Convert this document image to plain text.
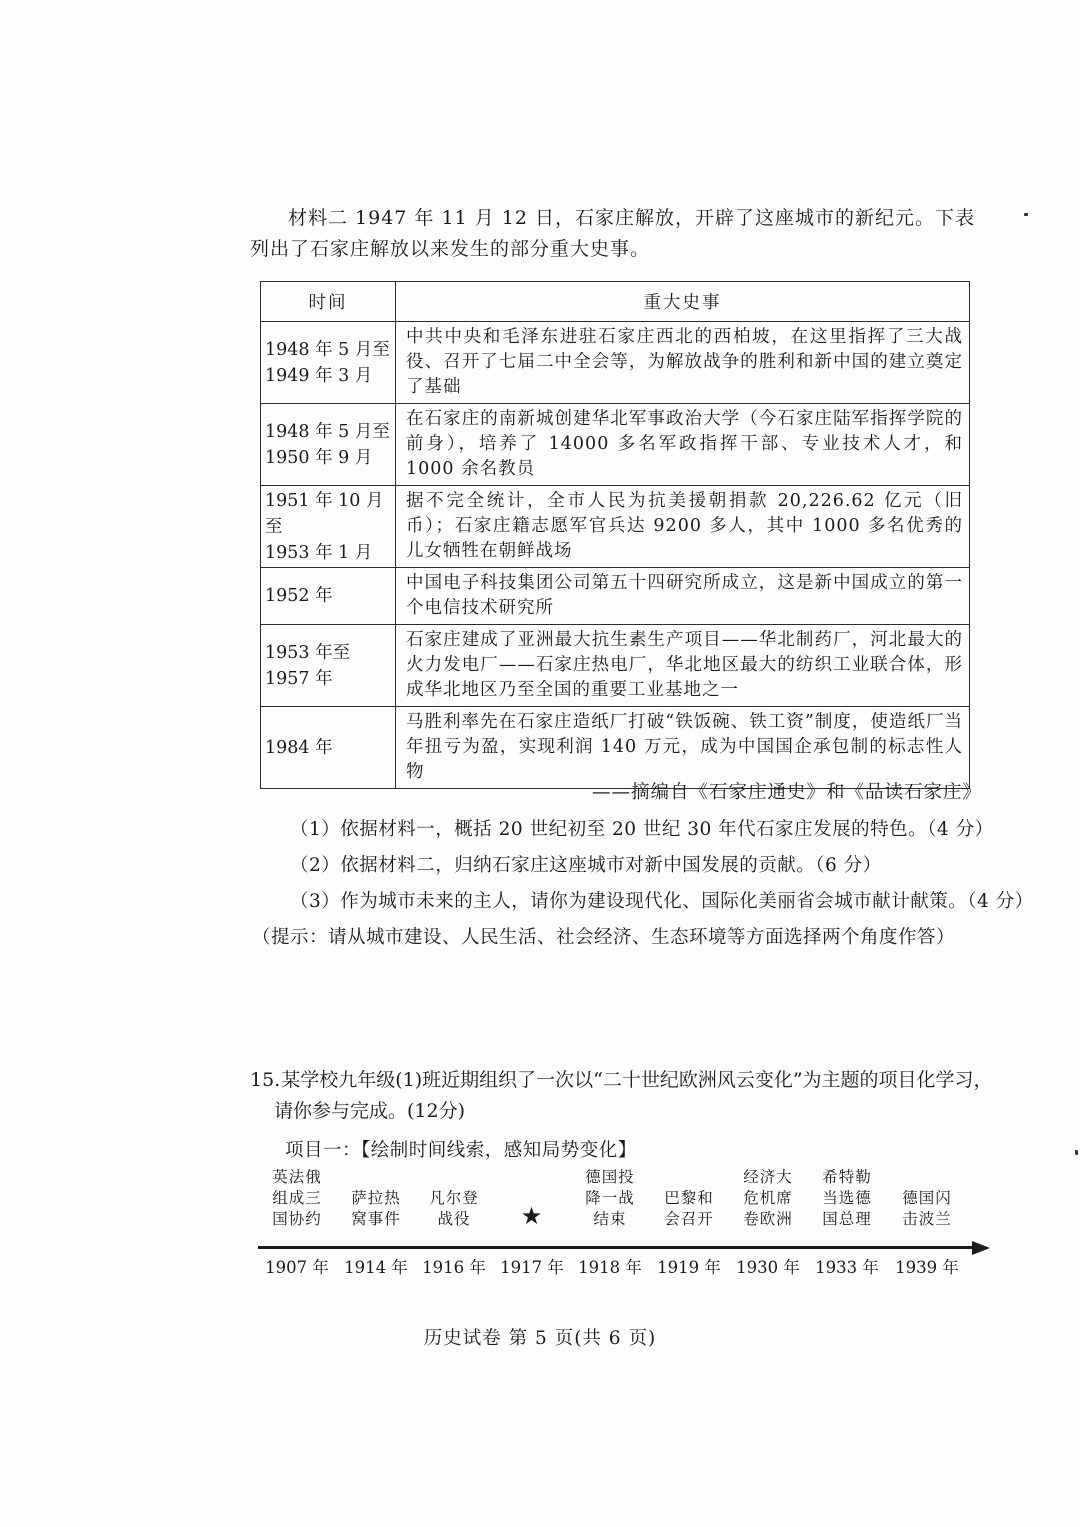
材料二 1947 年 11 月 12 日，石家庄解放，开辟了这座城市的新纪元。下表列出了石家庄解放以来发生的部分重大史事。
时间	重大史事
1948 年 5 月至
1949 年 3 月	中共中央和毛泽东进驻石家庄西北的西柏坡，在这里指挥了三大战役、召开了七届二中全会等，为解放战争的胜利和新中国的建立奠定了基础
1948 年 5 月至
1950 年 9 月	在石家庄的南新城创建华北军事政治大学（今石家庄陆军指挥学院的前身），培养了 14000 多名军政指挥干部、专业技术人才，和 1000 余名教员
1951 年 10 月至
1953 年 1 月	据不完全统计，全市人民为抗美援朝捐款 20,226.62 亿元（旧币）；石家庄籍志愿军官兵达 9200 多人，其中 1000 多名优秀的儿女牺牲在朝鲜战场
1952 年	中国电子科技集团公司第五十四研究所成立，这是新中国成立的第一个电信技术研究所
1953 年至
1957 年	石家庄建成了亚洲最大抗生素生产项目——华北制药厂，河北最大的火力发电厂——石家庄热电厂，华北地区最大的纺织工业联合体，形成华北地区乃至全国的重要工业基地之一
1984 年	马胜利率先在石家庄造纸厂打破“铁饭碗、铁工资”制度，使造纸厂当年扭亏为盈，实现利润 140 万元，成为中国国企承包制的标志性人物
——摘编自《石家庄通史》和《品读石家庄》
（1）依据材料一，概括 20 世纪初至 20 世纪 30 年代石家庄发展的特色。（4 分）
（2）依据材料二，归纳石家庄这座城市对新中国发展的贡献。（6 分）
（3）作为城市未来的主人，请你为建设现代化、国际化美丽省会城市献计献策。（4 分）
（提示：请从城市建设、人民生活、社会经济、生态环境等方面选择两个角度作答）
15.某学校九年级(1)班近期组织了一次以“二十世纪欧洲风云变化”为主题的项目化学习，
请你参与完成。(12分)
项目一：【绘制时间线索，感知局势变化】
英法俄
组成三
国协约
1907 年
萨拉热
窝事件
1914 年
凡尔登
战役
1916 年
★
1917 年
德国投
降一战
结束
1918 年
巴黎和
会召开
1919 年
经济大
危机席
卷欧洲
1930 年
希特勒
当选德
国总理
1933 年
德国闪
击波兰
1939 年
历史试卷 第 5 页(共 6 页)
